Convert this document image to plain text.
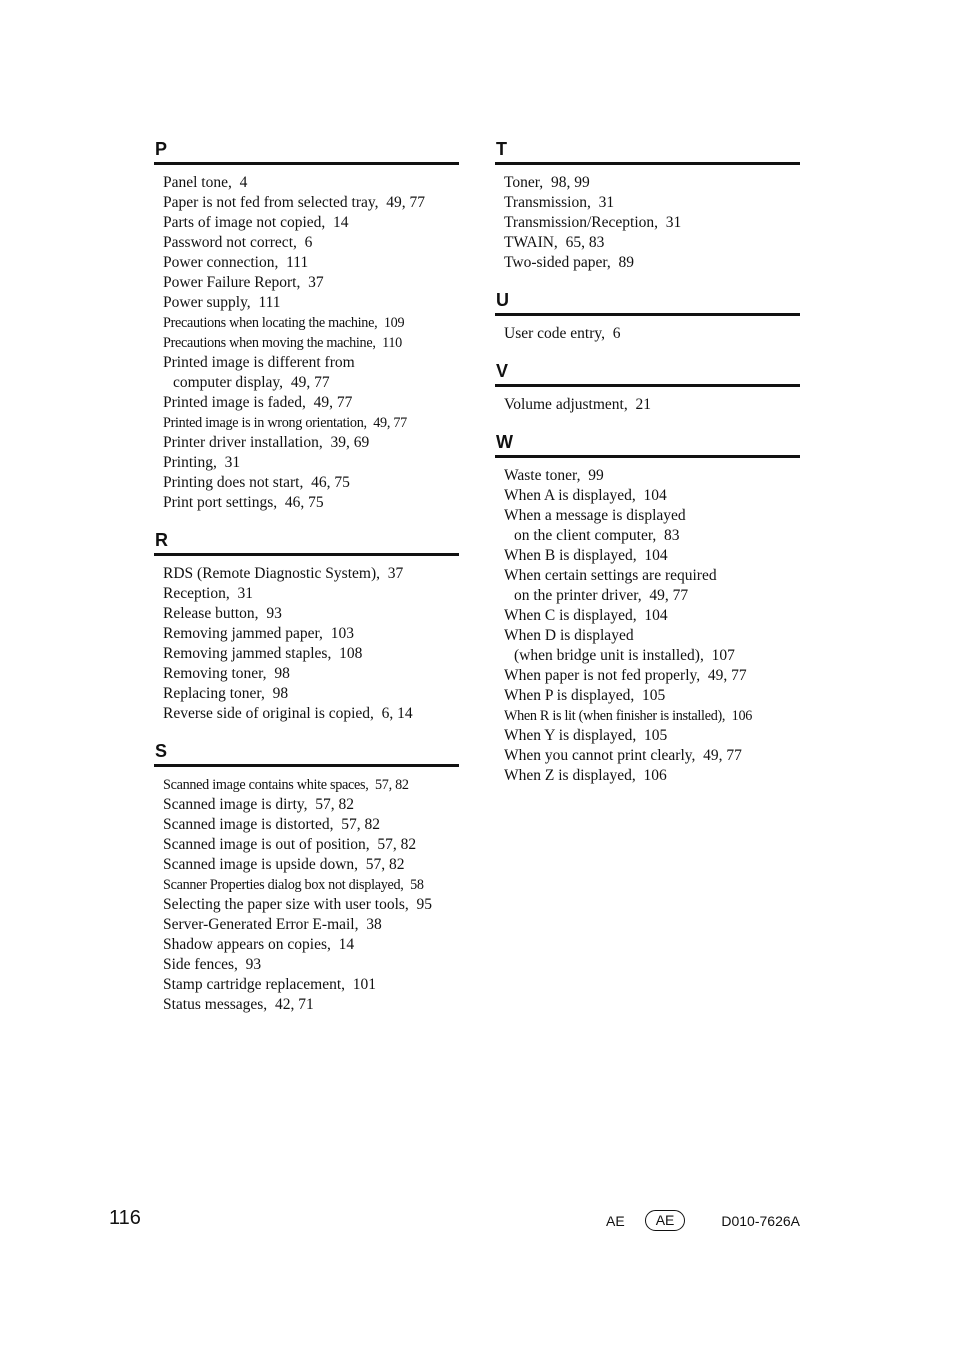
P
Panel tone, 4
Paper is not fed from selected tray, 49, 77
Parts of image not copied, 14
Password not correct, 6
Power connection, 111
Power Failure Report, 37
Power supply, 111
Precautions when locating the machine, 109
Precautions when moving the machine, 110
Printed image is different from
computer display, 49, 77
Printed image is faded, 49, 77
Printed image is in wrong orientation, 49, 77
Printer driver installation, 39, 69
Printing, 31
Printing does not start, 46, 75
Print port settings, 46, 75
R
RDS (Remote Diagnostic System), 37
Reception, 31
Release button, 93
Removing jammed paper, 103
Removing jammed staples, 108
Removing toner, 98
Replacing toner, 98
Reverse side of original is copied, 6, 14
S
Scanned image contains white spaces, 57, 82
Scanned image is dirty, 57, 82
Scanned image is distorted, 57, 82
Scanned image is out of position, 57, 82
Scanned image is upside down, 57, 82
Scanner Properties dialog box not displayed, 58
Selecting the paper size with user tools, 95
Server-Generated Error E-mail, 38
Shadow appears on copies, 14
Side fences, 93
Stamp cartridge replacement, 101
Status messages, 42, 71
T
Toner, 98, 99
Transmission, 31
Transmission/Reception, 31
TWAIN, 65, 83
Two-sided paper, 89
U
User code entry, 6
V
Volume adjustment, 21
W
Waste toner, 99
When A is displayed, 104
When a message is displayed
on the client computer, 83
When B is displayed, 104
When certain settings are required
on the printer driver, 49, 77
When C is displayed, 104
When D is displayed
(when bridge unit is installed), 107
When paper is not fed properly, 49, 77
When P is displayed, 105
When R is lit (when finisher is installed), 106
When Y is displayed, 105
When you cannot print clearly, 49, 77
When Z is displayed, 106
116	AE	AE	D010-7626A
